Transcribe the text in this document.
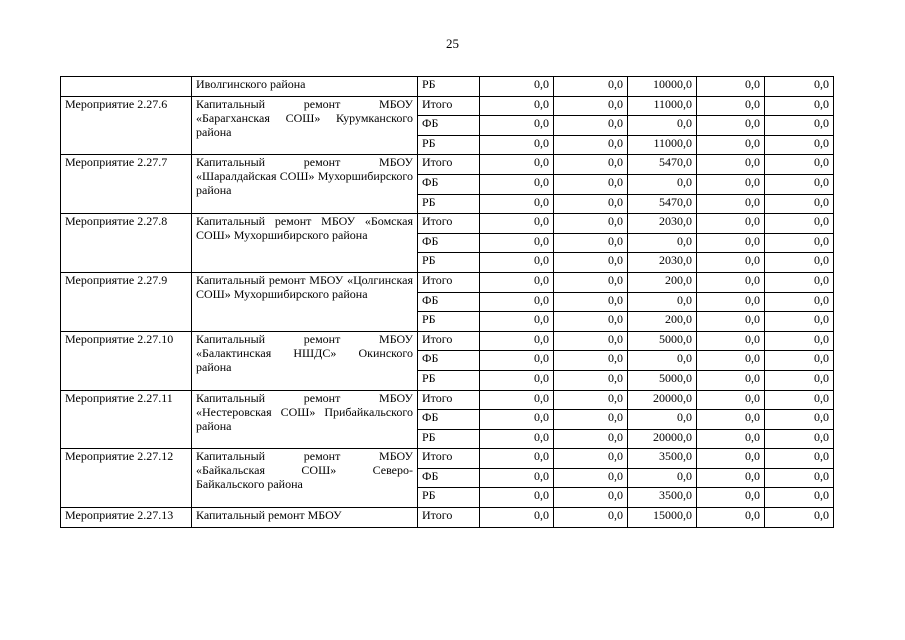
25
	Иволгинского района	РБ	0,0	0,0	10000,0	0,0	0,0
Мероприятие 2.27.6	Капитальный ремонт МБОУ «Барагханская СОШ» Курумканского района	Итого	0,0	0,0	11000,0	0,0	0,0
		ФБ	0,0	0,0	0,0	0,0	0,0
		РБ	0,0	0,0	11000,0	0,0	0,0
Мероприятие 2.27.7	Капитальный ремонт МБОУ «Шаралдайская СОШ» Мухоршибирского района	Итого	0,0	0,0	5470,0	0,0	0,0
		ФБ	0,0	0,0	0,0	0,0	0,0
		РБ	0,0	0,0	5470,0	0,0	0,0
Мероприятие 2.27.8	Капитальный ремонт МБОУ «Бомская СОШ» Мухоршибирского района	Итого	0,0	0,0	2030,0	0,0	0,0
		ФБ	0,0	0,0	0,0	0,0	0,0
		РБ	0,0	0,0	2030,0	0,0	0,0
Мероприятие 2.27.9	Капитальный ремонт МБОУ «Цолгинская СОШ» Мухоршибирского района	Итого	0,0	0,0	200,0	0,0	0,0
		ФБ	0,0	0,0	0,0	0,0	0,0
		РБ	0,0	0,0	200,0	0,0	0,0
Мероприятие 2.27.10	Капитальный ремонт МБОУ «Балактинская НШДС» Окинского района	Итого	0,0	0,0	5000,0	0,0	0,0
		ФБ	0,0	0,0	0,0	0,0	0,0
		РБ	0,0	0,0	5000,0	0,0	0,0
Мероприятие 2.27.11	Капитальный ремонт МБОУ «Нестеровская СОШ» Прибайкальского района	Итого	0,0	0,0	20000,0	0,0	0,0
		ФБ	0,0	0,0	0,0	0,0	0,0
		РБ	0,0	0,0	20000,0	0,0	0,0
Мероприятие 2.27.12	Капитальный ремонт МБОУ «Байкальская СОШ» Северо-Байкальского района	Итого	0,0	0,0	3500,0	0,0	0,0
		ФБ	0,0	0,0	0,0	0,0	0,0
		РБ	0,0	0,0	3500,0	0,0	0,0
Мероприятие 2.27.13	Капитальный ремонт МБОУ	Итого	0,0	0,0	15000,0	0,0	0,0
